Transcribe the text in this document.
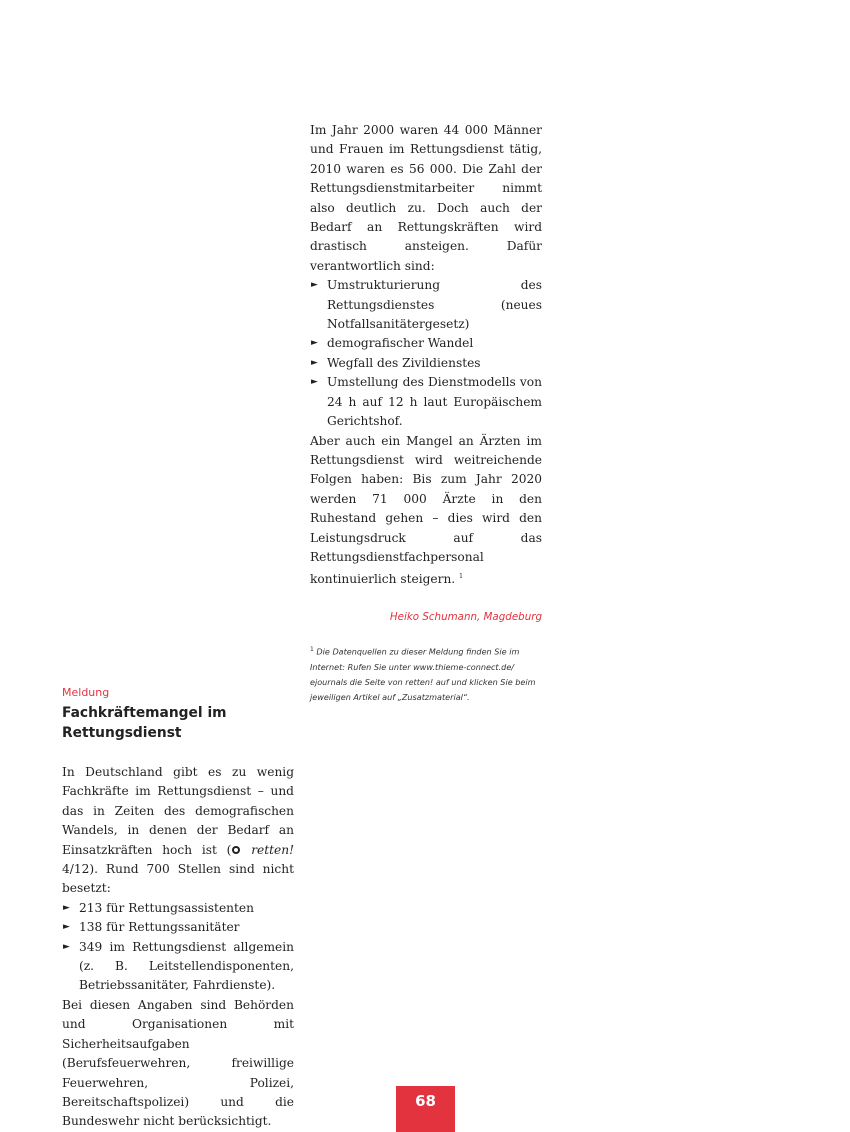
Im Jahr 2000 waren 44 000 Männer und Frauen im Rettungsdienst tätig, 2010 waren es 56 000. Die Zahl der Rettungsdienstmitarbeiter nimmt also deutlich zu. Doch auch der Bedarf an Rettungskräften wird drastisch ansteigen. Dafür verantwortlich sind:

► Umstrukturierung des Rettungsdienstes (neues Notfallsanitätergesetz)
► demografischer Wandel
► Wegfall des Zivildienstes
► Umstellung des Dienstmodells von 24 h auf 12 h laut Europäischem Gerichtshof.

Aber auch ein Mangel an Ärzten im Rettungsdienst wird weitreichende Folgen haben: Bis zum Jahr 2020 werden 71 000 Ärzte in den Ruhestand gehen – dies wird den Leistungsdruck auf das Rettungsdienstfachpersonal kontinuierlich steigern. $^1$

Heiko Schumann, Magdeburg

$^1$ Die Datenquellen zu dieser Meldung finden Sie im Internet: Rufen Sie unter www.thieme-connect.de/ ejournals die Seite von retten! auf und klicken Sie beim jeweiligen Artikel auf „Zusatzmaterial“.

Meldung

Fachkräftemangel im
Rettungsdienst

In Deutschland gibt es zu wenig Fachkräfte im Rettungsdienst – und das in Zeiten des demografischen Wandels, in denen der Bedarf an Einsatzkräften hoch ist ( retten! 4/12). Rund 700 Stellen sind nicht besetzt:

► 213 für Rettungsassistenten
► 138 für Rettungssanitäter
► 349 im Rettungsdienst allgemein (z. B. Leitstellendisponenten, Betriebssanitäter, Fahrdienste).

Bei diesen Angaben sind Behörden und Organisationen mit Sicherheitsaufgaben (Berufsfeuerwehren, freiwillige Feuerwehren, Polizei, Bereitschaftspolizei) und die Bundeswehr nicht berücksichtigt.

68
